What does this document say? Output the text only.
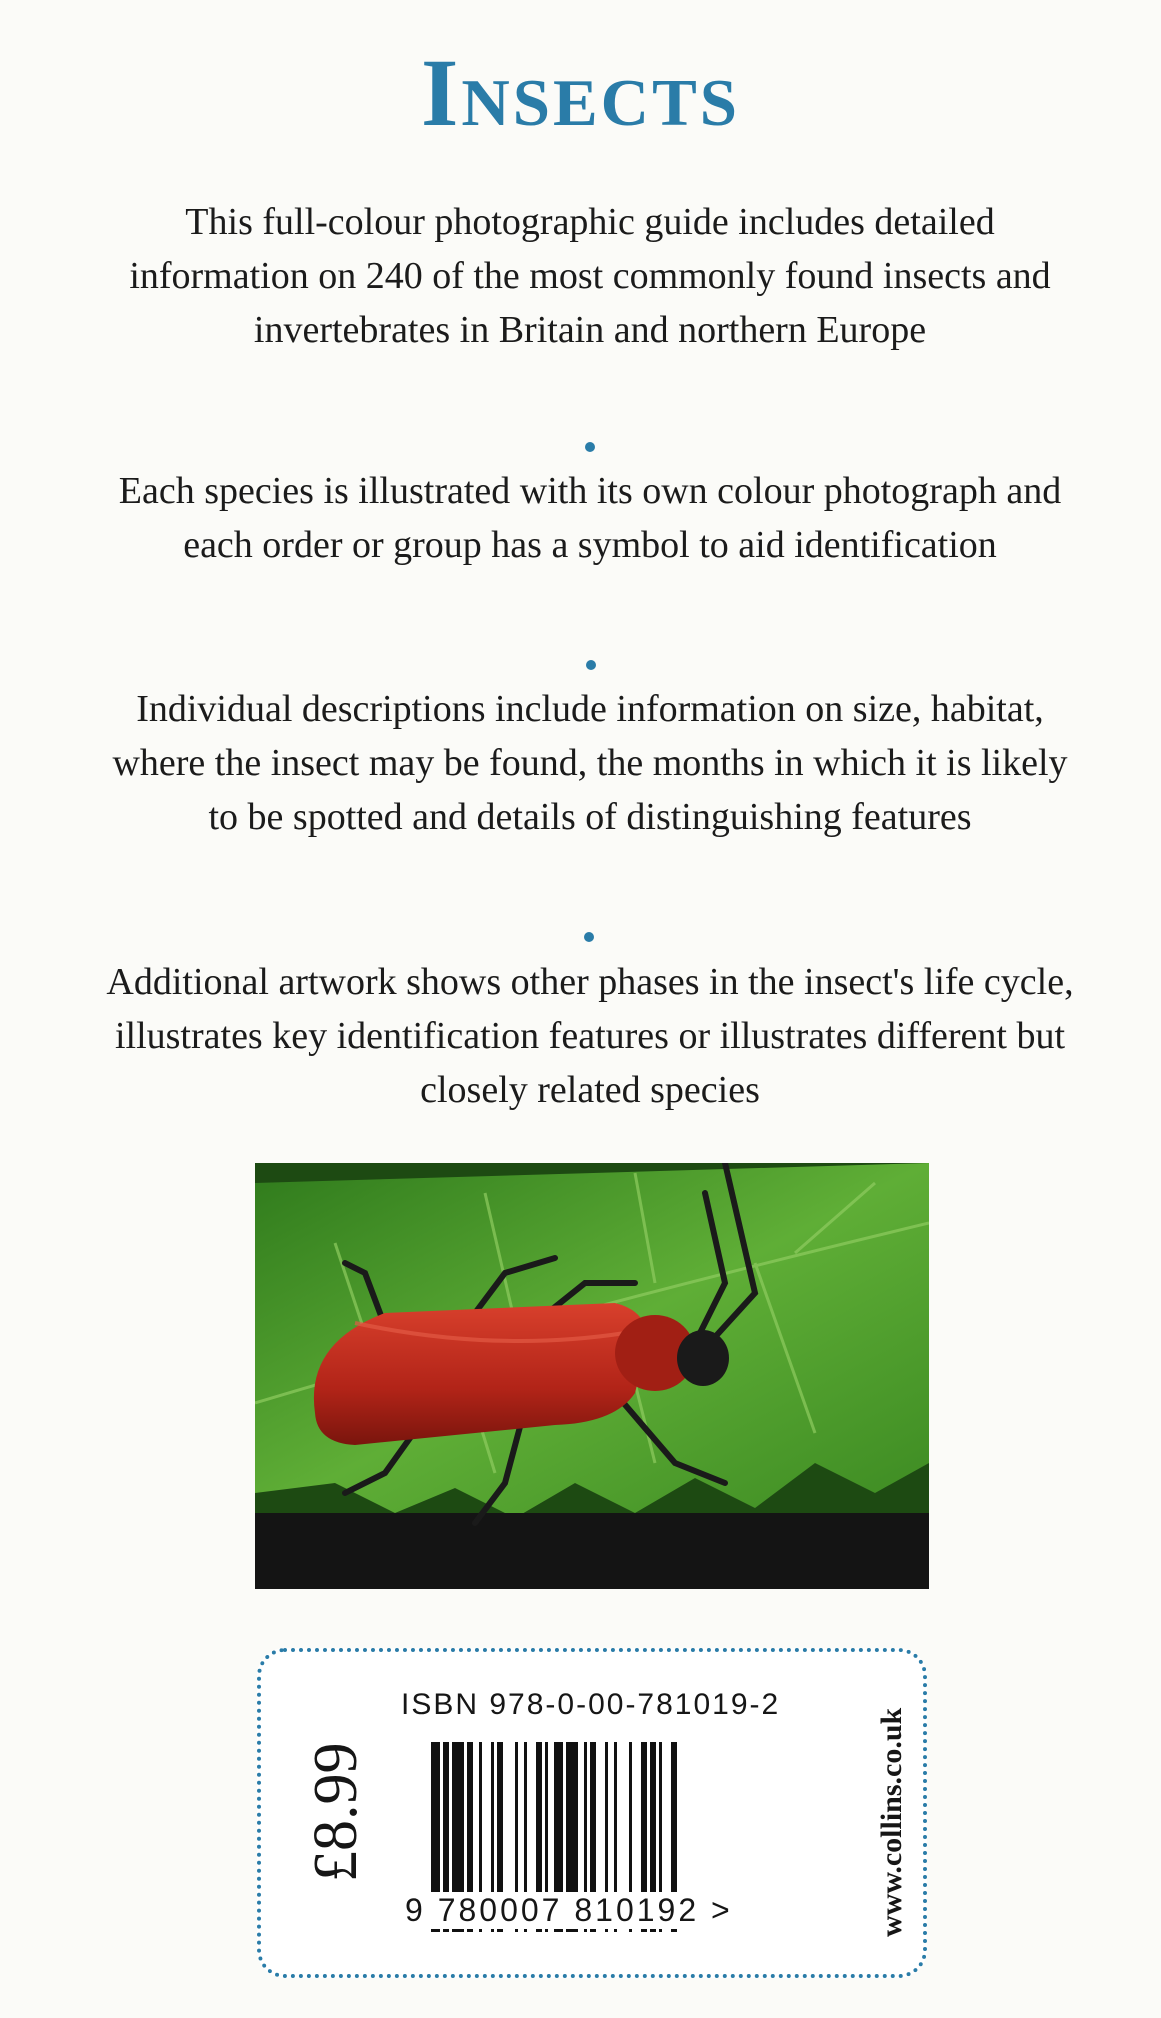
Insects

This full-colour photographic guide includes detailed information on 240 of the most commonly found insects and invertebrates in Britain and northern Europe

Each species is illustrated with its own colour photograph and each order or group has a symbol to aid identification

Individual descriptions include information on size, habitat, where the insect may be found, the months in which it is likely to be spotted and details of distinguishing features

Additional artwork shows other phases in the insect's life cycle, illustrates key identification features or illustrates different but closely related species

£8.99
ISBN 978-0-00-781019-2
9 780007 810192 >	www.collins.co.uk
